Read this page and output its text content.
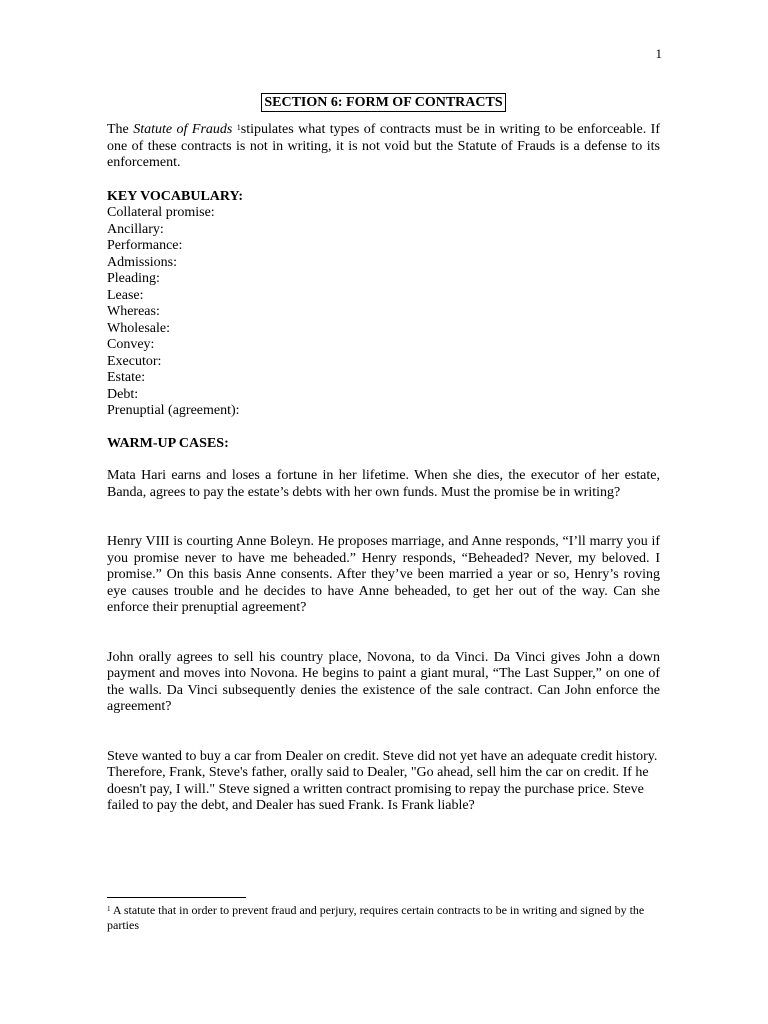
1
SECTION 6: FORM OF CONTRACTS

The Statute of Frauds $^1$stipulates what types of contracts must be in writing to be enforceable. If one of these contracts is not in writing, it is not void but the Statute of Frauds is a defense to its enforcement.

KEY VOCABULARY:

Collateral promise:
Ancillary:
Performance:
Admissions:
Pleading:
Lease:
Whereas:
Wholesale:
Convey:
Executor:
Estate:
Debt:
Prenuptial (agreement):

WARM-UP CASES:

Mata Hari earns and loses a fortune in her lifetime. When she dies, the executor of her estate, Banda, agrees to pay the estate’s debts with her own funds. Must the promise be in writing?

Henry VIII is courting Anne Boleyn. He proposes marriage, and Anne responds, “I’ll marry you if you promise never to have me beheaded.” Henry responds, “Beheaded? Never, my beloved. I promise.” On this basis Anne consents. After they’ve been married a year or so, Henry’s roving eye causes trouble and he decides to have Anne beheaded, to get her out of the way. Can she enforce their prenuptial agreement?

John orally agrees to sell his country place, Novona, to da Vinci. Da Vinci gives John a down payment and moves into Novona. He begins to paint a giant mural, “The Last Supper,” on one of the walls. Da Vinci subsequently denies the existence of the sale contract. Can John enforce the agreement?

Steve wanted to buy a car from Dealer on credit. Steve did not yet have an adequate credit history. Therefore, Frank, Steve's father, orally said to Dealer, "Go ahead, sell him the car on credit. If he doesn't pay, I will." Steve signed a written contract promising to repay the purchase price. Steve failed to pay the debt, and Dealer has sued Frank. Is Frank liable?

$^1$ A statute that in order to prevent fraud and perjury, requires certain contracts to be in writing and signed by the parties
